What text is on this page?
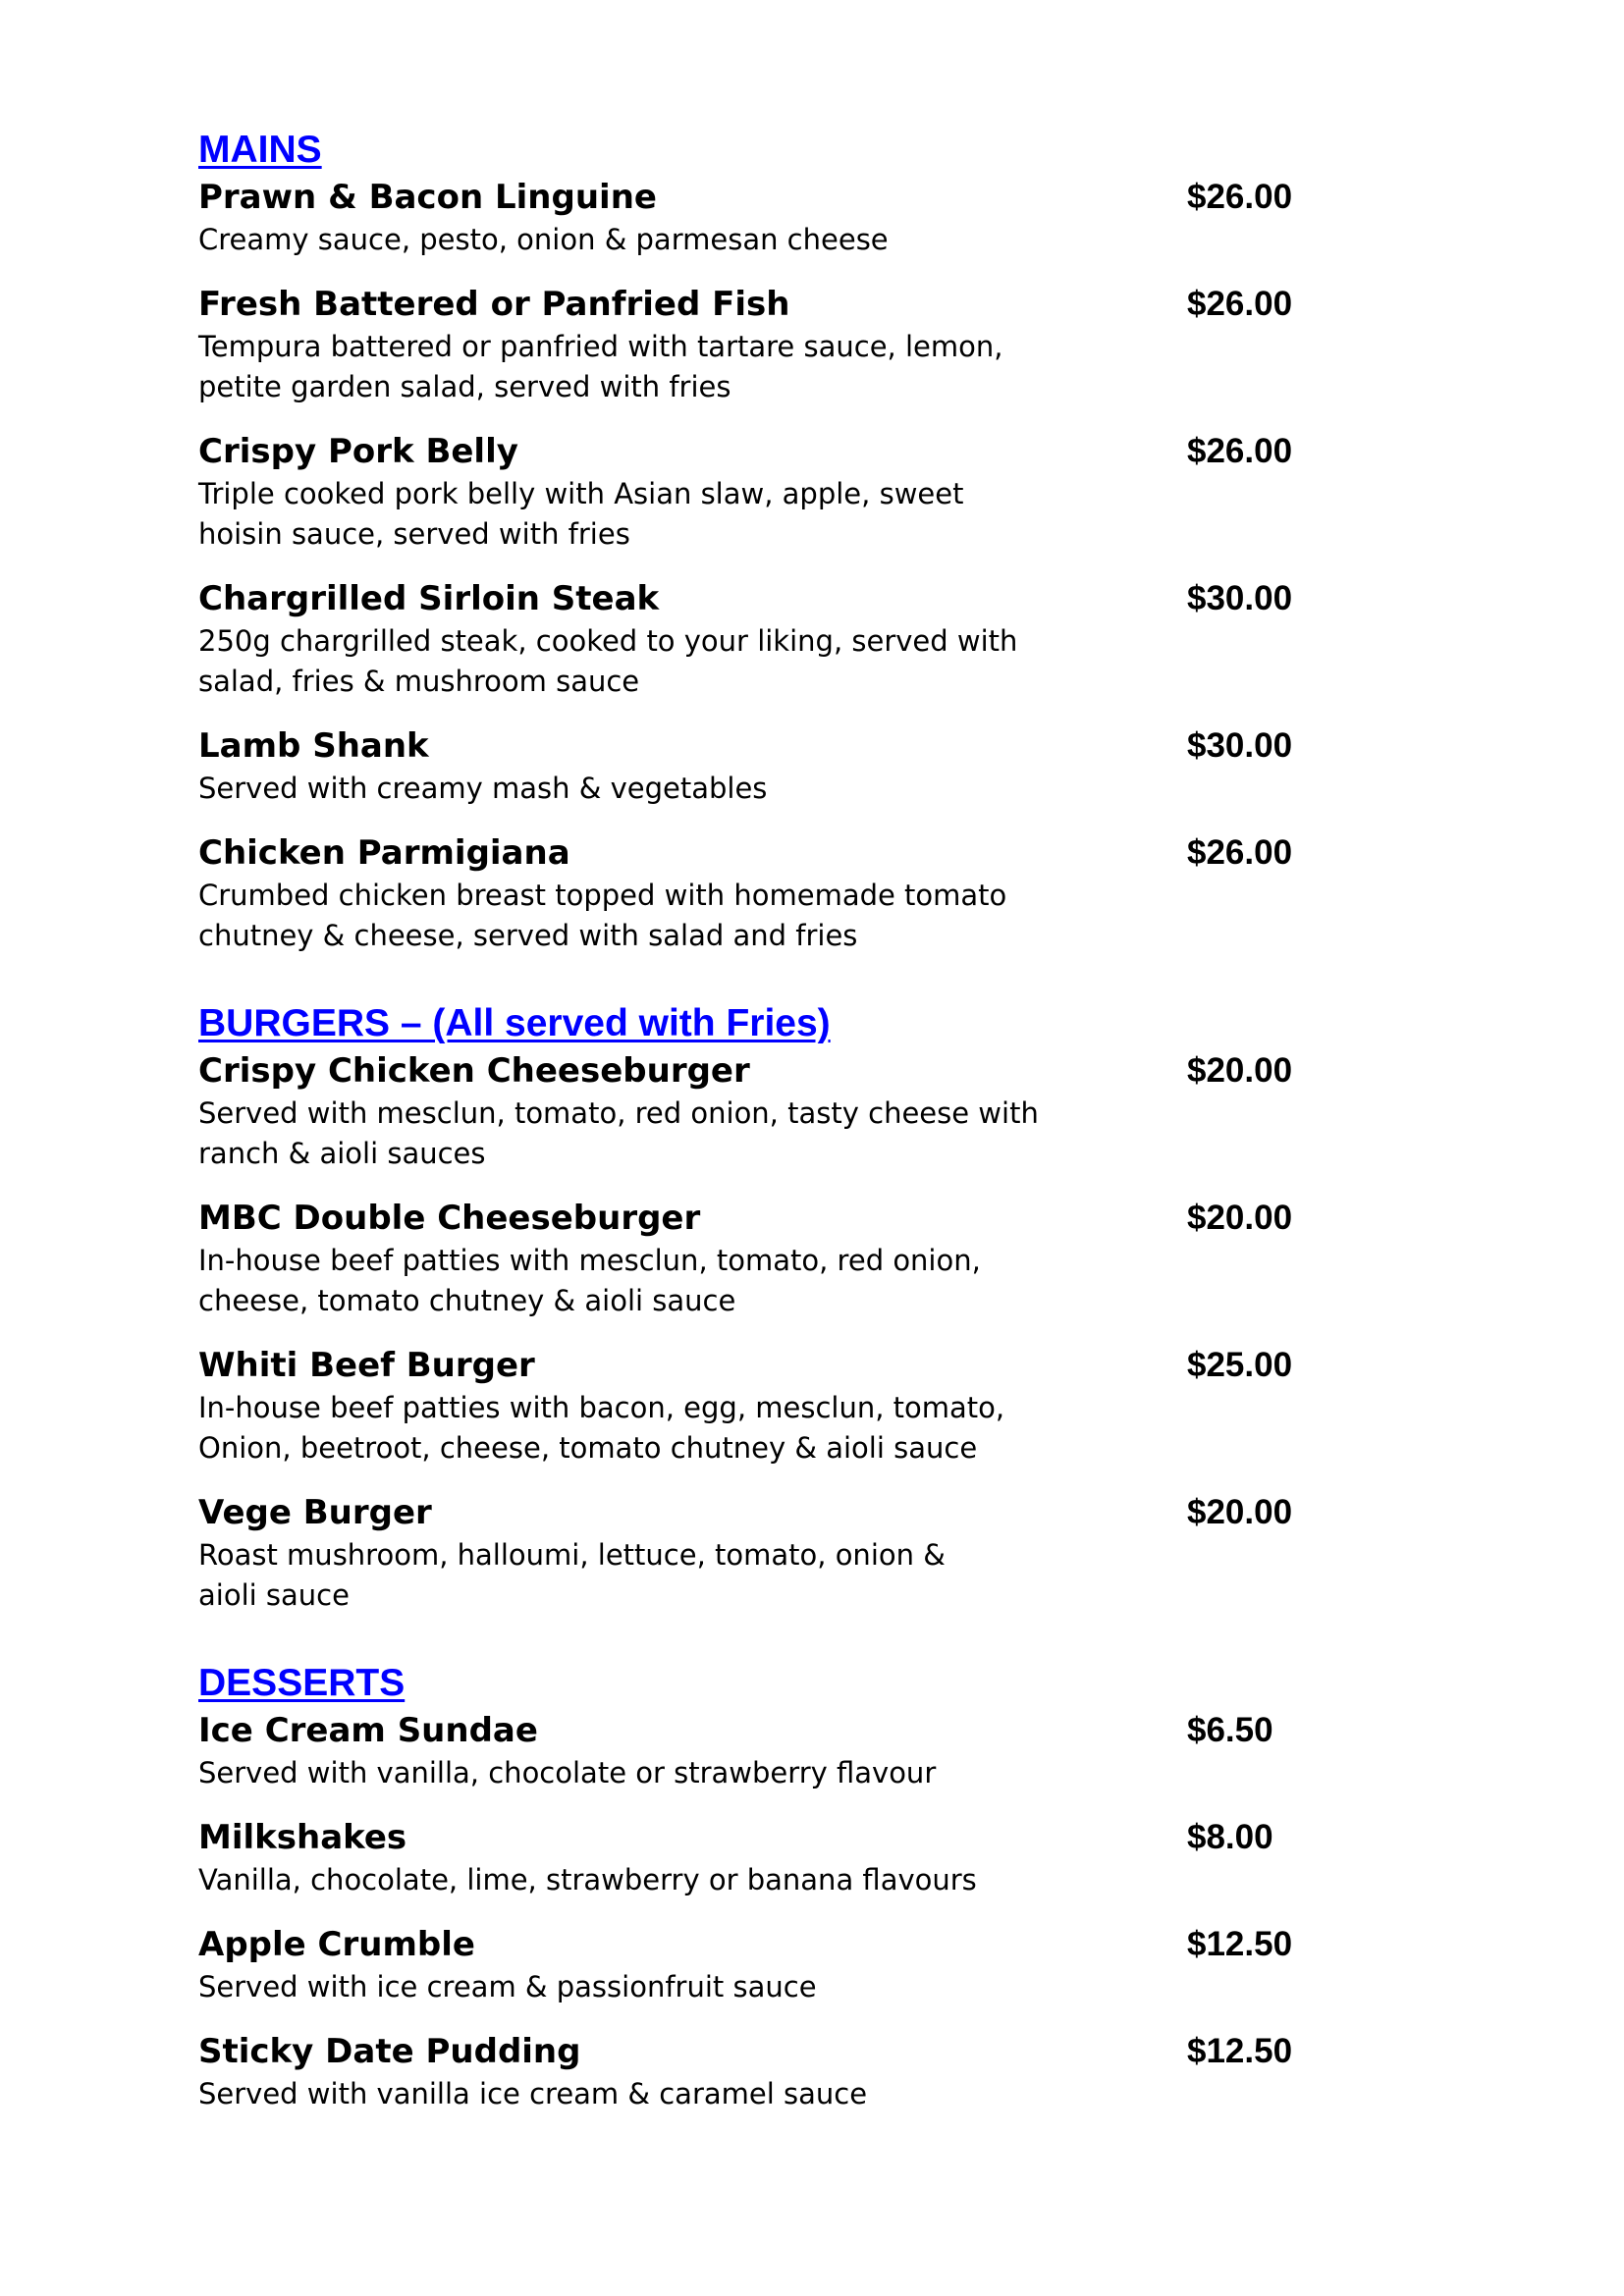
MAINS
Prawn & Bacon Linguine	$26.00
Creamy sauce, pesto, onion & parmesan cheese
Fresh Battered or Panfried Fish	$26.00
Tempura battered or panfried with tartare sauce, lemon,
petite garden salad, served with fries
Crispy Pork Belly	$26.00
Triple cooked pork belly with Asian slaw, apple, sweet
hoisin sauce, served with fries
Chargrilled Sirloin Steak	$30.00
250g chargrilled steak, cooked to your liking, served with
salad, fries & mushroom sauce
Lamb Shank	$30.00
Served with creamy mash & vegetables
Chicken Parmigiana	$26.00
Crumbed chicken breast topped with homemade tomato
chutney & cheese, served with salad and fries
BURGERS – (All served with Fries)
Crispy Chicken Cheeseburger	$20.00
Served with mesclun, tomato, red onion, tasty cheese with
ranch & aioli sauces
MBC Double Cheeseburger	$20.00
In-house beef patties with mesclun, tomato, red onion,
cheese, tomato chutney & aioli sauce
Whiti Beef Burger	$25.00
In-house beef patties with bacon, egg, mesclun, tomato,
Onion, beetroot, cheese, tomato chutney & aioli sauce
Vege Burger	$20.00
Roast mushroom, halloumi, lettuce, tomato, onion &
aioli sauce
DESSERTS
Ice Cream Sundae	$6.50
Served with vanilla, chocolate or strawberry flavour
Milkshakes	$8.00
Vanilla, chocolate, lime, strawberry or banana flavours
Apple Crumble	$12.50
Served with ice cream & passionfruit sauce
Sticky Date Pudding	$12.50
Served with vanilla ice cream & caramel sauce
